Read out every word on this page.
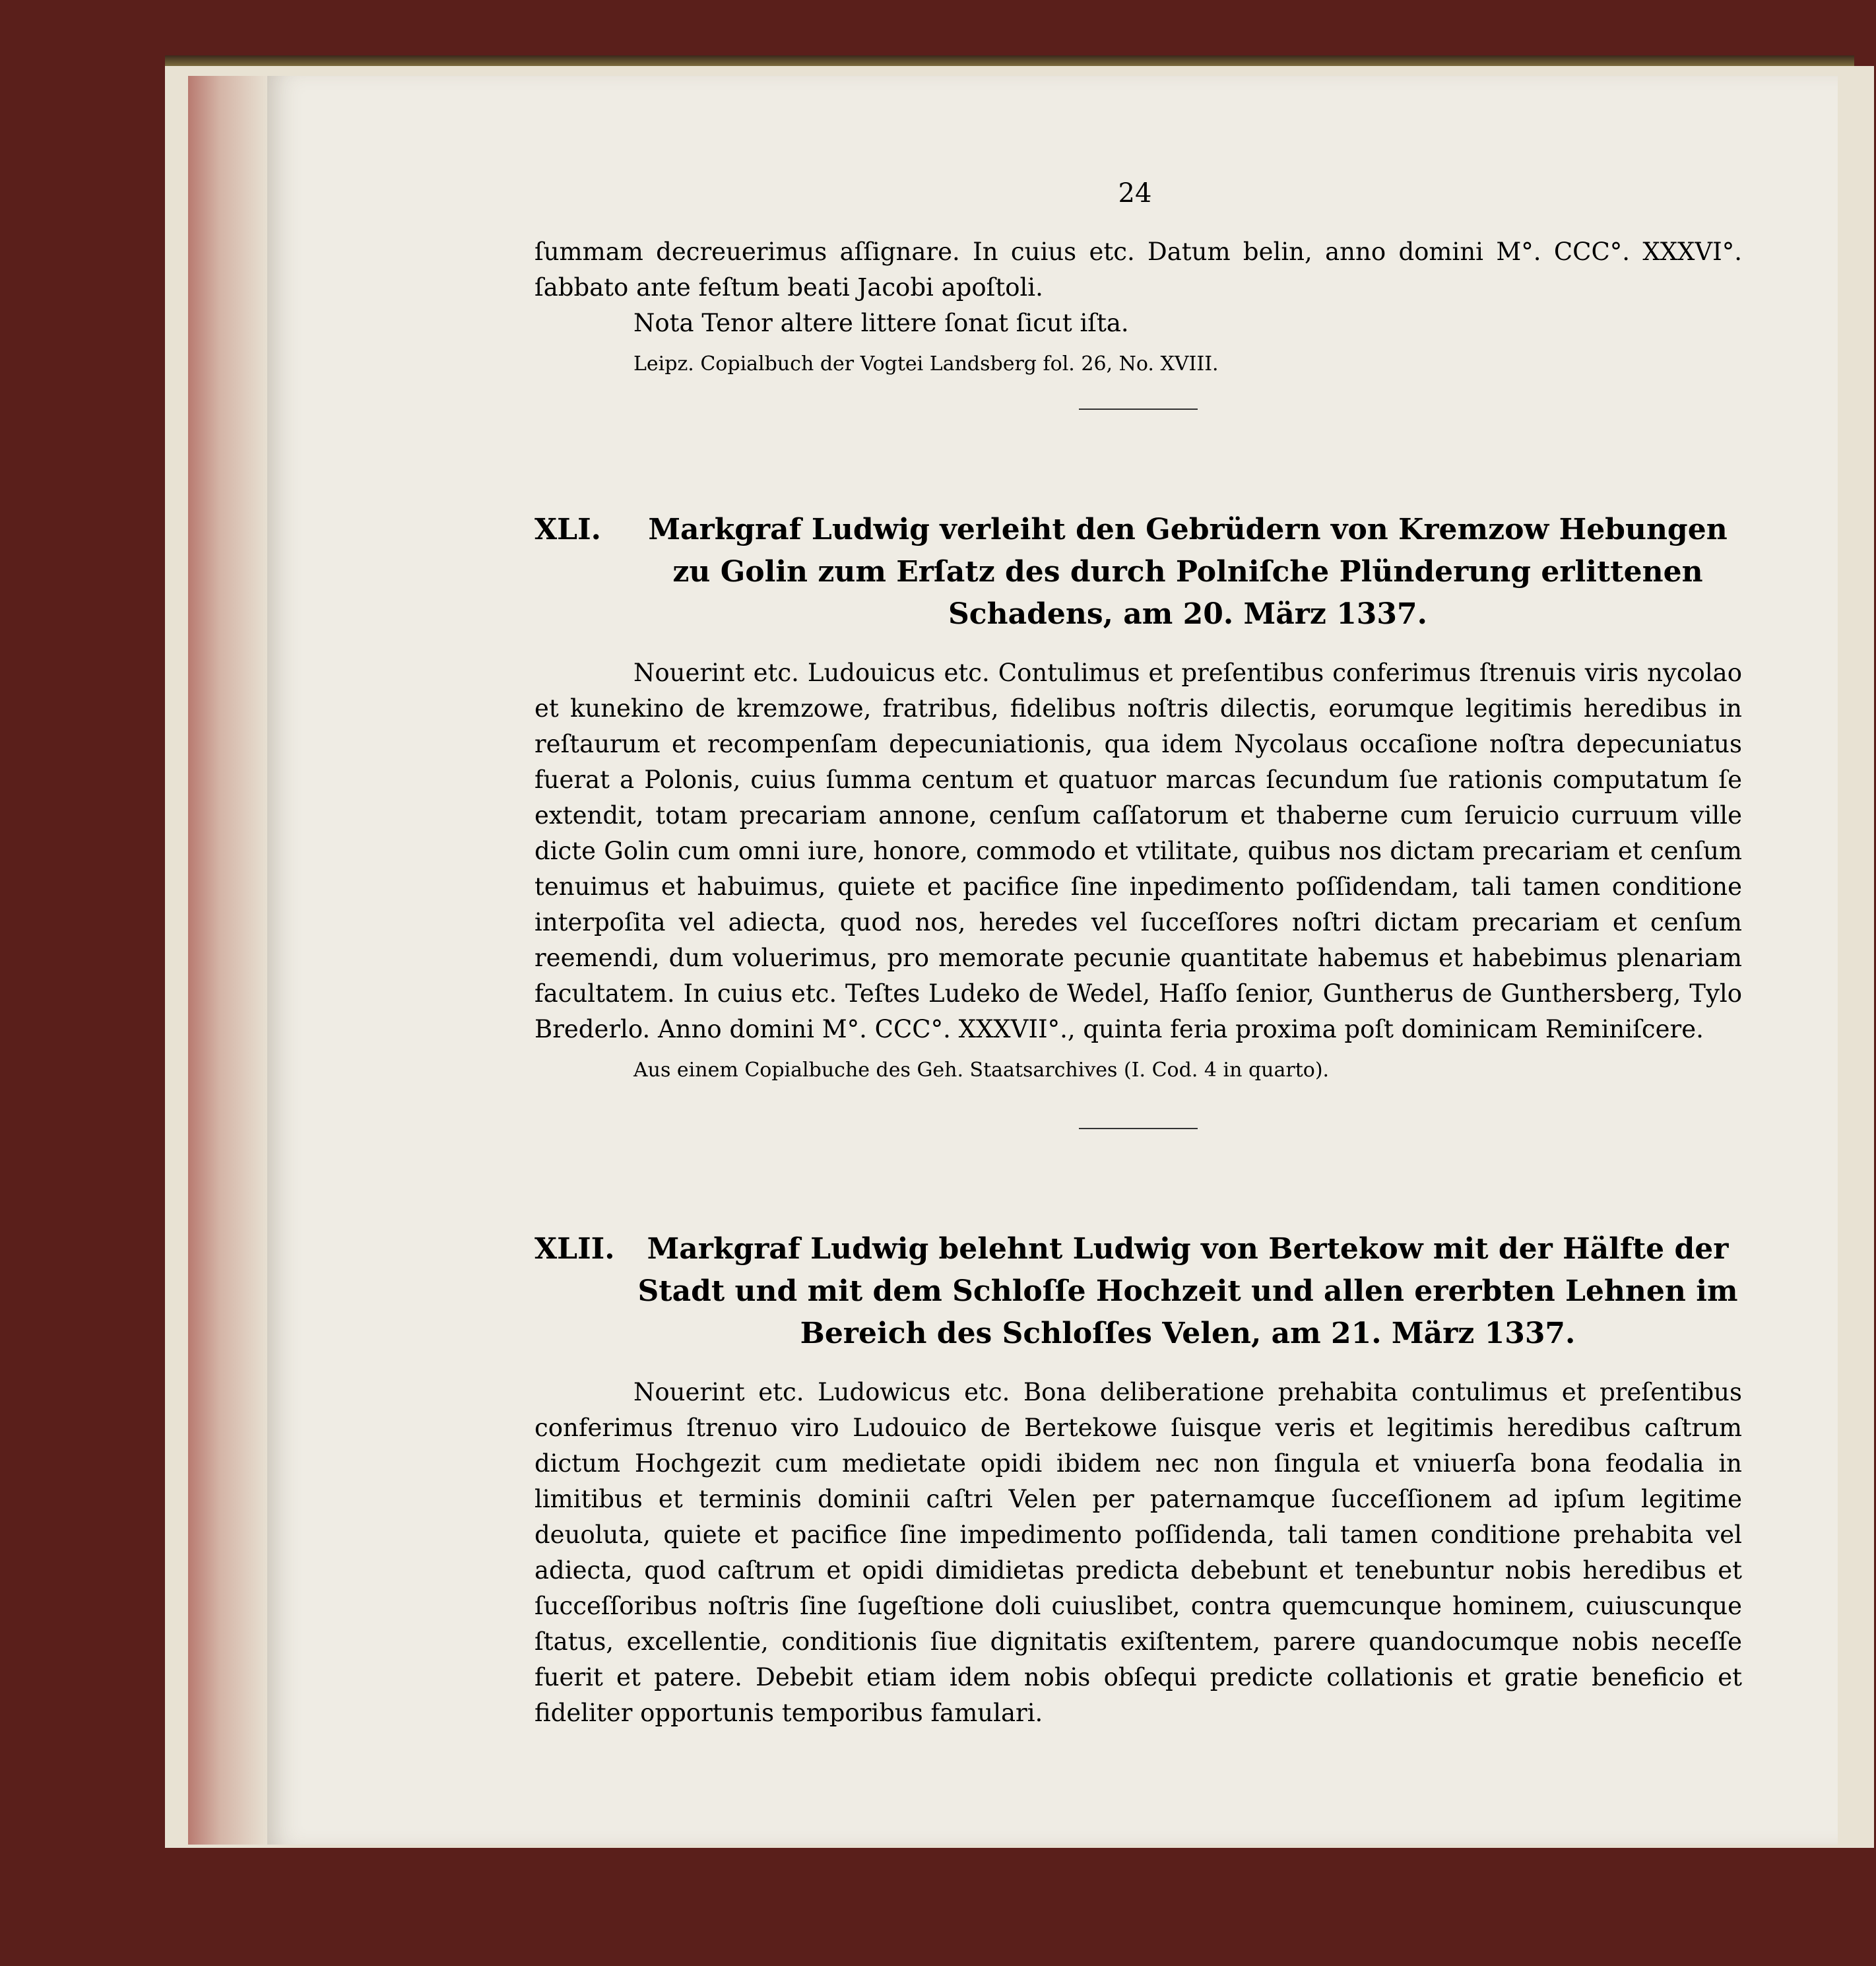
24

ſummam decreuerimus aſſignare. In cuius etc. Datum belin, anno domini M°. CCC°. XXXVI°. ſabbato ante feſtum beati Jacobi apoſtoli.

Nota Tenor altere littere ſonat ſicut iſta.

Leipz. Copialbuch der Vogtei Landsberg fol. 26, No. XVIII.

XLI.	Markgraf Ludwig verleiht den Gebrüdern von Kremzow Hebungen zu Golin zum Erſatz des durch Polniſche Plünderung erlittenen Schadens, am 20. März 1337.

Nouerint etc. Ludouicus etc. Contulimus et preſentibus conferimus ſtrenuis viris nycolao et kunekino de kremzowe, fratribus, fidelibus noſtris dilectis, eorumque legitimis heredibus in reſtaurum et recompenſam depecuniationis, qua idem Nycolaus occaſione noſtra depecuniatus fuerat a Polonis, cuius ſumma centum et quatuor marcas ſecundum ſue rationis computatum ſe extendit, totam precariam annone, cenſum caſſatorum et thaberne cum ſeruicio curruum ville dicte Golin cum omni iure, honore, commodo et vtilitate, quibus nos dictam precariam et cenſum tenuimus et habuimus, quiete et pacifice ſine inpedimento poſſidendam, tali tamen conditione interpoſita vel adiecta, quod nos, heredes vel ſucceſſores noſtri dictam precariam et cenſum reemendi, dum voluerimus, pro memorate pecunie quantitate habemus et habebimus plenariam facultatem. In cuius etc. Teſtes Ludeko de Wedel, Haſſo ſenior, Guntherus de Gunthersberg, Tylo Brederlo. Anno domini M°. CCC°. XXXVII°., quinta feria proxima poſt dominicam Reminiſcere.

Aus einem Copialbuche des Geh. Staatsarchives (I. Cod. 4 in quarto).

XLII.	Markgraf Ludwig belehnt Ludwig von Bertekow mit der Hälfte der Stadt und mit dem Schloſſe Hochzeit und allen ererbten Lehnen im Bereich des Schloſſes Velen, am 21. März 1337.

Nouerint etc. Ludowicus etc. Bona deliberatione prehabita contulimus et preſentibus conferimus ſtrenuo viro Ludouico de Bertekowe ſuisque veris et legitimis heredibus caſtrum dictum Hochgezit cum medietate opidi ibidem nec non ſingula et vniuerſa bona feodalia in limitibus et terminis dominii caſtri Velen per paternamque ſucceſſionem ad ipſum legitime deuoluta, quiete et pacifice ſine impedimento poſſidenda, tali tamen conditione prehabita vel adiecta, quod caſtrum et opidi dimidietas predicta debebunt et tenebuntur nobis heredibus et ſucceſſoribus noſtris ſine ſugeſtione doli cuiuslibet, contra quemcunque hominem, cuiuscunque ſtatus, excellentie, conditionis ſiue dignitatis exiſtentem, parere quandocumque nobis neceſſe fuerit et patere. Debebit etiam idem nobis obſequi predicte collationis et gratie beneficio et fideliter opportunis temporibus famulari.
